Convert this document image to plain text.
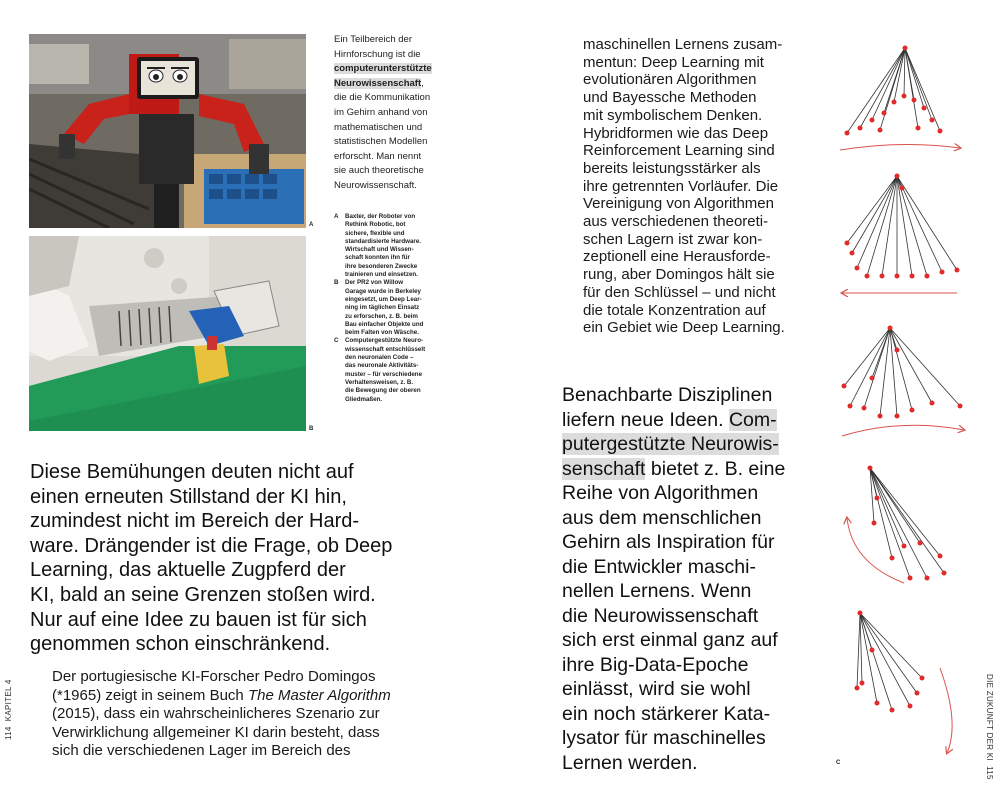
A
B
Ein Teilbereich der
Hirnforschung ist die
computerunterstützte
Neurowissenschaft,
die die Kommunikation
im Gehirn anhand von
mathematischen und
statistischen Modellen
erforscht. Man nennt
sie auch theoretische
Neurowissenschaft.
A	Baxter, der Roboter von
Rethink Robotic, bot
sichere, flexible und
standardisierte Hardware.
Wirtschaft und Wissen-
schaft konnten ihn für
ihre besonderen Zwecke
trainieren und einsetzen.
B	Der PR2 von Willow
Garage wurde in Berkeley
eingesetzt, um Deep Lear-
ning im täglichen Einsatz
zu erforschen, z. B. beim
Bau einfacher Objekte und
beim Falten von Wäsche.
C	Computergestützte Neuro-
wissenschaft entschlüsselt
den neuronalen Code –
das neuronale Aktivitäts-
muster – für verschiedene
Verhaltensweisen, z. B.
die Bewegung der oberen
Gliedmaßen.
Diese Bemühungen deuten nicht auf
einen erneuten Stillstand der KI hin,
zumindest nicht im Bereich der Hard-
ware. Drängender ist die Frage, ob Deep
Learning, das aktuelle Zugpferd der
KI, bald an seine Grenzen stoßen wird.
Nur auf eine Idee zu bauen ist für sich
genommen schon einschränkend.
Der portugiesische KI-Forscher Pedro Domingos
(*1965) zeigt in seinem Buch The Master Algorithm
(2015), dass ein wahrscheinlicheres Szenario zur
Verwirklichung allgemeiner KI darin besteht, dass
sich die verschiedenen Lager im Bereich des
114  KAPITEL 4
maschinellen Lernens zusam-
mentun: Deep Learning mit
evolutionären Algorithmen
und Bayessche Methoden
mit symbolischem Denken.
Hybridformen wie das Deep
Reinforcement Learning sind
bereits leistungsstärker als
ihre getrennten Vorläufer. Die
Vereinigung von Algorithmen
aus verschiedenen theoreti-
schen Lagern ist zwar kon-
zeptionell eine Herausforde-
rung, aber Domingos hält sie
für den Schlüssel – und nicht
die totale Konzentration auf
ein Gebiet wie Deep Learning.
Benachbarte Disziplinen
liefern neue Ideen. Com-
putergestützte Neurowis-
senschaft bietet z. B. eine
Reihe von Algorithmen
aus dem menschlichen
Gehirn als Inspiration für
die Entwickler maschi-
nellen Lernens. Wenn
die Neurowissenschaft
sich erst einmal ganz auf
ihre Big-Data-Epoche
einlässt, wird sie wohl
ein noch stärkerer Kata-
lysator für maschinelles
Lernen werden.	C
DIE ZUKUNFT DER KI  115
